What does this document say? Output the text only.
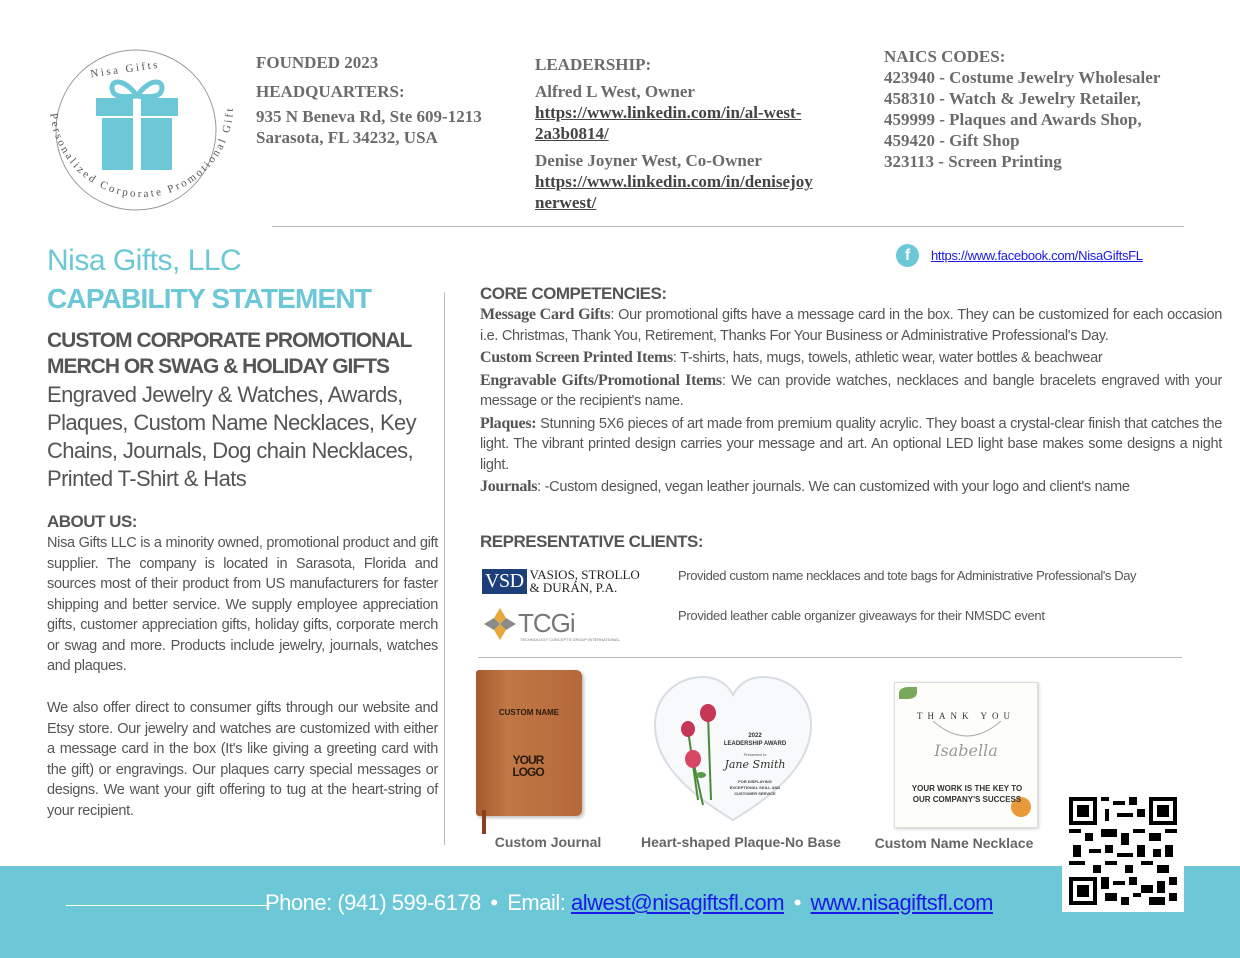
Personalized Corporate Promotional Gift
Nisa Gifts	FOUNDED 2023
HEADQUARTERS:
935 N Beneva Rd, Ste 609-1213
Sarasota, FL 34232, USA
LEADERSHIP:
Alfred L West, Owner
https://www.linkedin.com/in/al-west-
2a3b0814/
Denise Joyner West, Co-Owner
https://www.linkedin.com/in/denisejoy
nerwest/
NAICS CODES:
423940 - Costume Jewelry Wholesaler
458310 - Watch & Jewelry Retailer,
459999 - Plaques and Awards Shop,
459420 - Gift Shop
323113 - Screen Printing
f	https://www.facebook.com/NisaGiftsFL
Nisa Gifts, LLC
CAPABILITY STATEMENT
CUSTOM CORPORATE PROMOTIONAL
MERCH OR SWAG & HOLIDAY GIFTS
Engraved Jewelry & Watches, Awards, Plaques, Custom Name Necklaces, Key Chains, Journals, Dog chain Necklaces, Printed T-Shirt & Hats
ABOUT US:
Nisa Gifts LLC is a minority owned, promotional product and gift supplier. The company is located in Sarasota, Florida and sources most of their product from US manufacturers for faster shipping and better service. We supply employee appreciation gifts, customer appreciation gifts, holiday gifts, corporate merch or swag and more. Products include jewelry, journals, watches and plaques.
We also offer direct to consumer gifts through our website and Etsy store. Our jewelry and watches are customized with either a message card in the box (It's like giving a greeting card with the gift) or engravings. Our plaques carry special messages or designs. We want your gift offering to tug at the heart-string of your recipient.
CORE COMPETENCIES:

Message Card Gifts: Our promotional gifts have a message card in the box. They can be customized for each occasion i.e. Christmas, Thank You, Retirement, Thanks For Your Business or Administrative Professional's Day.

Custom Screen Printed Items: T-shirts, hats, mugs, towels, athletic wear, water bottles & beachwear

Engravable Gifts/Promotional Items: We can provide watches, necklaces and bangle bracelets engraved with your message or the recipient's name.

Plaques: Stunning 5X6 pieces of art made from premium quality acrylic. They boast a crystal-clear finish that catches the light. The vibrant printed design carries your message and art. An optional LED light base makes some designs a night light.

Journals: -Custom designed, vegan leather journals. We can customized with your logo and client's name

REPRESENTATIVE CLIENTS:
VSD VASIOS, STROLLO
& DURÁN, P.A.
Provided custom name necklaces and tote bags for Administrative Professional's Day
TCGi
TECHNOLOGY CONCEPTS GROUP INTERNATIONAL
Provided leather cable organizer giveaways for their NMSDC event
CUSTOM NAME
YOUR LOGO
Custom Journal
2022
LEADERSHIP AWARD
Presented to
Jane Smith
FOR DISPLAYING EXCEPTIONAL SKILL AND CUSTOMER SERVICE
Heart-shaped Plaque-No Base
THANK YOU
Isabella
YOUR WORK IS THE KEY TO OUR COMPANY'S SUCCESS
Custom Name Necklace
Phone: (941) 599-6178 • Email: alwest@nisagiftsfl.com • www.nisagiftsfl.com
